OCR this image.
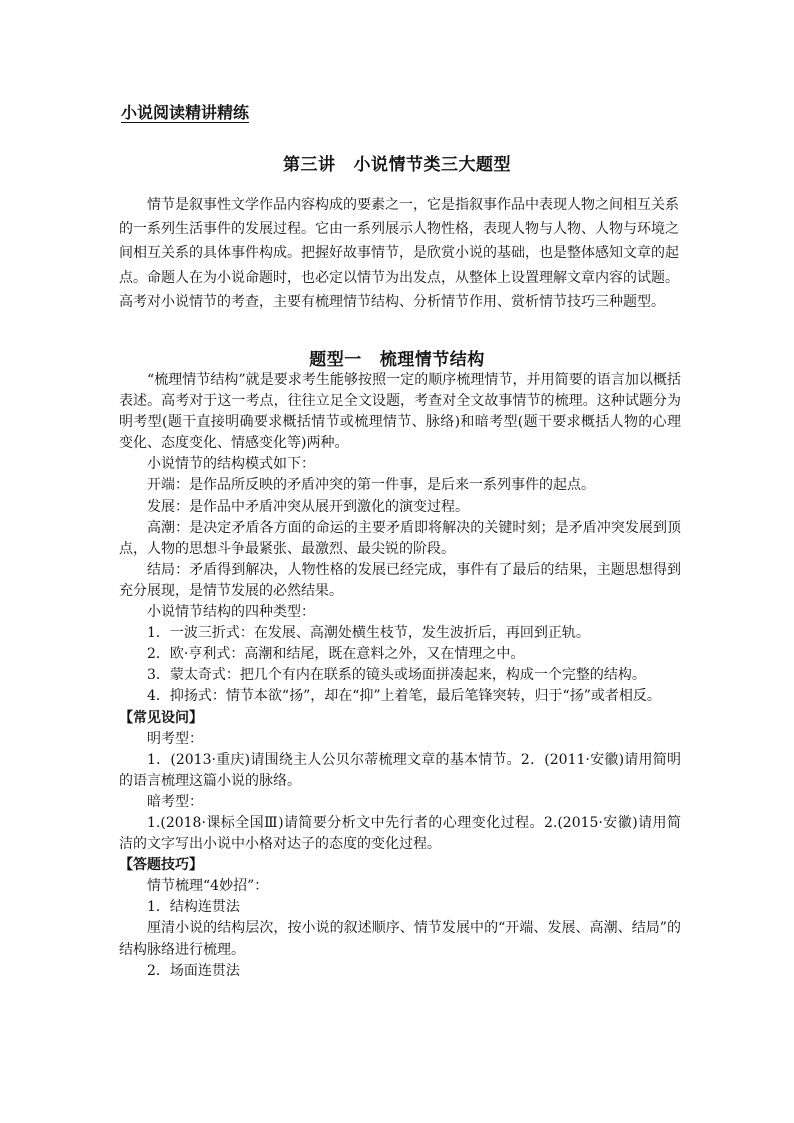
小说阅读精讲精练
第三讲 小说情节类三大题型

情节是叙事性文学作品内容构成的要素之一，它是指叙事作品中表现人物之间相互关系的一系列生活事件的发展过程。它由一系列展示人物性格，表现人物与人物、人物与环境之间相互关系的具体事件构成。把握好故事情节，是欣赏小说的基础，也是整体感知文章的起点。命题人在为小说命题时，也必定以情节为出发点，从整体上设置理解文章内容的试题。高考对小说情节的考查，主要有梳理情节结构、分析情节作用、赏析情节技巧三种题型。

题型一 梳理情节结构

“梳理情节结构”就是要求考生能够按照一定的顺序梳理情节，并用简要的语言加以概括表述。高考对于这一考点，往往立足全文设题，考查对全文故事情节的梳理。这种试题分为明考型(题干直接明确要求概括情节或梳理情节、脉络)和暗考型(题干要求概括人物的心理变化、态度变化、情感变化等)两种。

小说情节的结构模式如下：

开端：是作品所反映的矛盾冲突的第一件事，是后来一系列事件的起点。

发展：是作品中矛盾冲突从展开到激化的演变过程。

高潮：是决定矛盾各方面的命运的主要矛盾即将解决的关键时刻；是矛盾冲突发展到顶点，人物的思想斗争最紧张、最激烈、最尖锐的阶段。

结局：矛盾得到解决，人物性格的发展已经完成，事件有了最后的结果，主题思想得到充分展现，是情节发展的必然结果。

小说情节结构的四种类型：

1．一波三折式：在发展、高潮处横生枝节，发生波折后，再回到正轨。

2．欧·亨利式：高潮和结尾，既在意料之外，又在情理之中。

3．蒙太奇式：把几个有内在联系的镜头或场面拼凑起来，构成一个完整的结构。

4．抑扬式：情节本欲“扬”，却在“抑”上着笔，最后笔锋突转，归于“扬”或者相反。

【常见设问】

明考型：

1．(2013·重庆)请围绕主人公贝尔蒂梳理文章的基本情节。2．(2011·安徽)请用简明的语言梳理这篇小说的脉络。

暗考型：

1.(2018·课标全国Ⅲ)请简要分析文中先行者的心理变化过程。2.(2015·安徽)请用简洁的文字写出小说中小格对达子的态度的变化过程。

【答题技巧】

情节梳理“4妙招”：

1．结构连贯法

厘清小说的结构层次，按小说的叙述顺序、情节发展中的“开端、发展、高潮、结局”的结构脉络进行梳理。

2．场面连贯法
